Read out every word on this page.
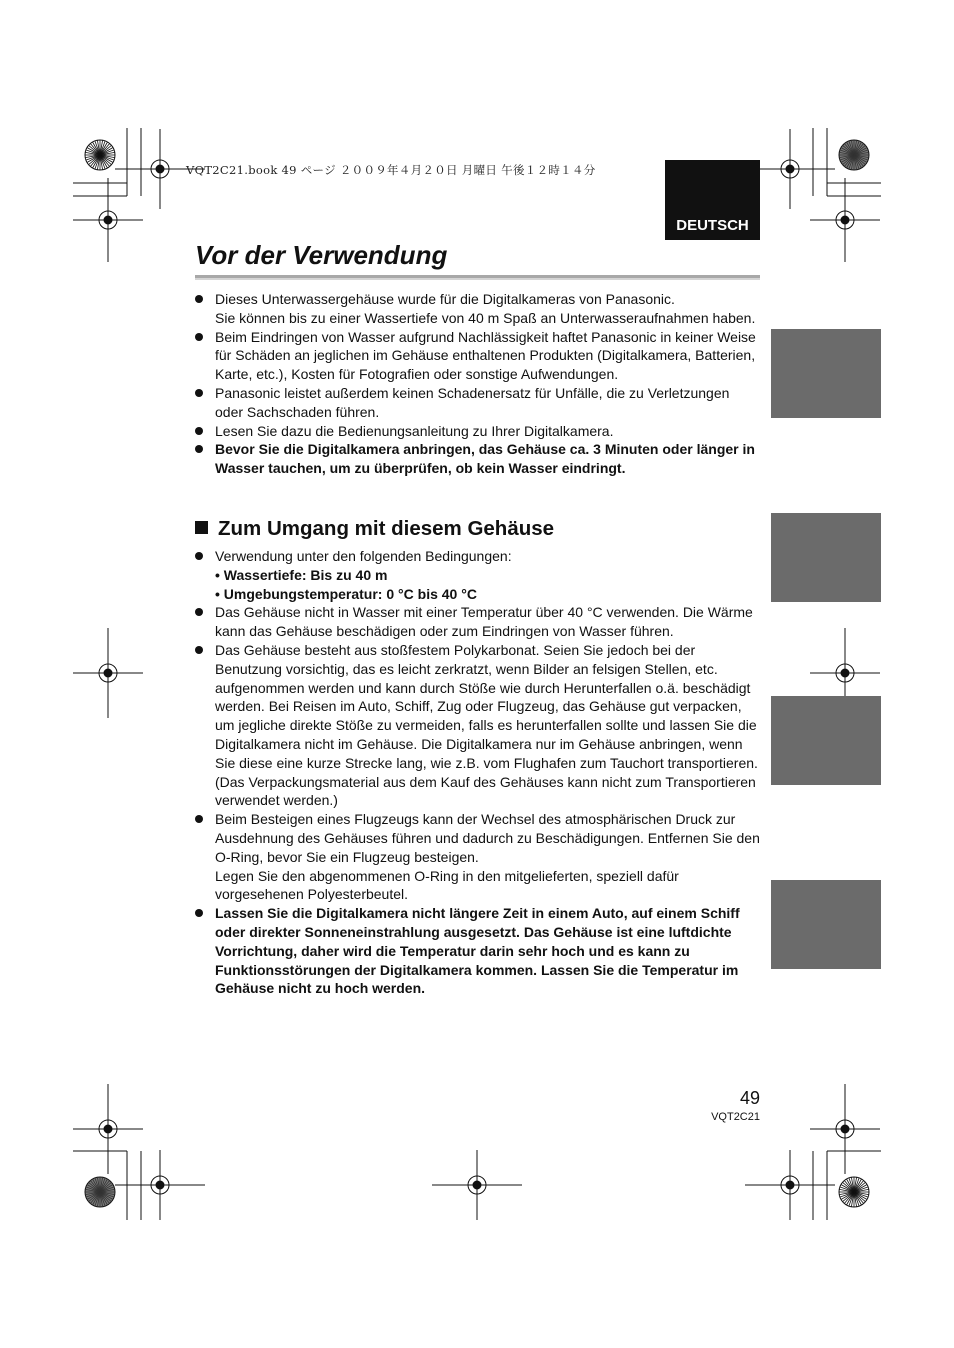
VQT2C21.book 49 ページ ２００９年４月２０日 月曜日 午後１２時１４分
DEUTSCH
Vor der Verwendung
Dieses Unterwassergehäuse wurde für die Digitalkameras von Panasonic.
Sie können bis zu einer Wassertiefe von 40 m Spaß an Unterwasseraufnahmen haben.
Beim Eindringen von Wasser aufgrund Nachlässigkeit haftet Panasonic in keiner Weise für Schäden an jeglichen im Gehäuse enthaltenen Produkten (Digitalkamera, Batterien, Karte, etc.), Kosten für Fotografien oder sonstige Aufwendungen.
Panasonic leistet außerdem keinen Schadenersatz für Unfälle, die zu Verletzungen oder Sachschaden führen.
Lesen Sie dazu die Bedienungsanleitung zu Ihrer Digitalkamera.
Bevor Sie die Digitalkamera anbringen, das Gehäuse ca. 3 Minuten oder länger in Wasser tauchen, um zu überprüfen, ob kein Wasser eindringt.
Zum Umgang mit diesem Gehäuse
Verwendung unter den folgenden Bedingungen:
• Wassertiefe: Bis zu 40 m
• Umgebungstemperatur: 0 °C bis 40 °C
Das Gehäuse nicht in Wasser mit einer Temperatur über 40 °C verwenden. Die Wärme kann das Gehäuse beschädigen oder zum Eindringen von Wasser führen.
Das Gehäuse besteht aus stoßfestem Polykarbonat. Seien Sie jedoch bei der Benutzung vorsichtig, das es leicht zerkratzt, wenn Bilder an felsigen Stellen, etc. aufgenommen werden und kann durch Stöße wie durch Herunterfallen o.ä. beschädigt werden. Bei Reisen im Auto, Schiff, Zug oder Flugzeug, das Gehäuse gut verpacken, um jegliche direkte Stöße zu vermeiden, falls es herunterfallen sollte und lassen Sie die Digitalkamera nicht im Gehäuse. Die Digitalkamera nur im Gehäuse anbringen, wenn Sie diese eine kurze Strecke lang, wie z.B. vom Flughafen zum Tauchort transportieren. (Das Verpackungsmaterial aus dem Kauf des Gehäuses kann nicht zum Transportieren verwendet werden.)
Beim Besteigen eines Flugzeugs kann der Wechsel des atmosphärischen Druck zur Ausdehnung des Gehäuses führen und dadurch zu Beschädigungen. Entfernen Sie den O-Ring, bevor Sie ein Flugzeug besteigen.
Legen Sie den abgenommenen O-Ring in den mitgelieferten, speziell dafür vorgesehenen Polyesterbeutel.
Lassen Sie die Digitalkamera nicht längere Zeit in einem Auto, auf einem Schiff oder direkter Sonneneinstrahlung ausgesetzt. Das Gehäuse ist eine luftdichte Vorrichtung, daher wird die Temperatur darin sehr hoch und es kann zu Funktionsstörungen der Digitalkamera kommen. Lassen Sie die Temperatur im Gehäuse nicht zu hoch werden.
49
VQT2C21
